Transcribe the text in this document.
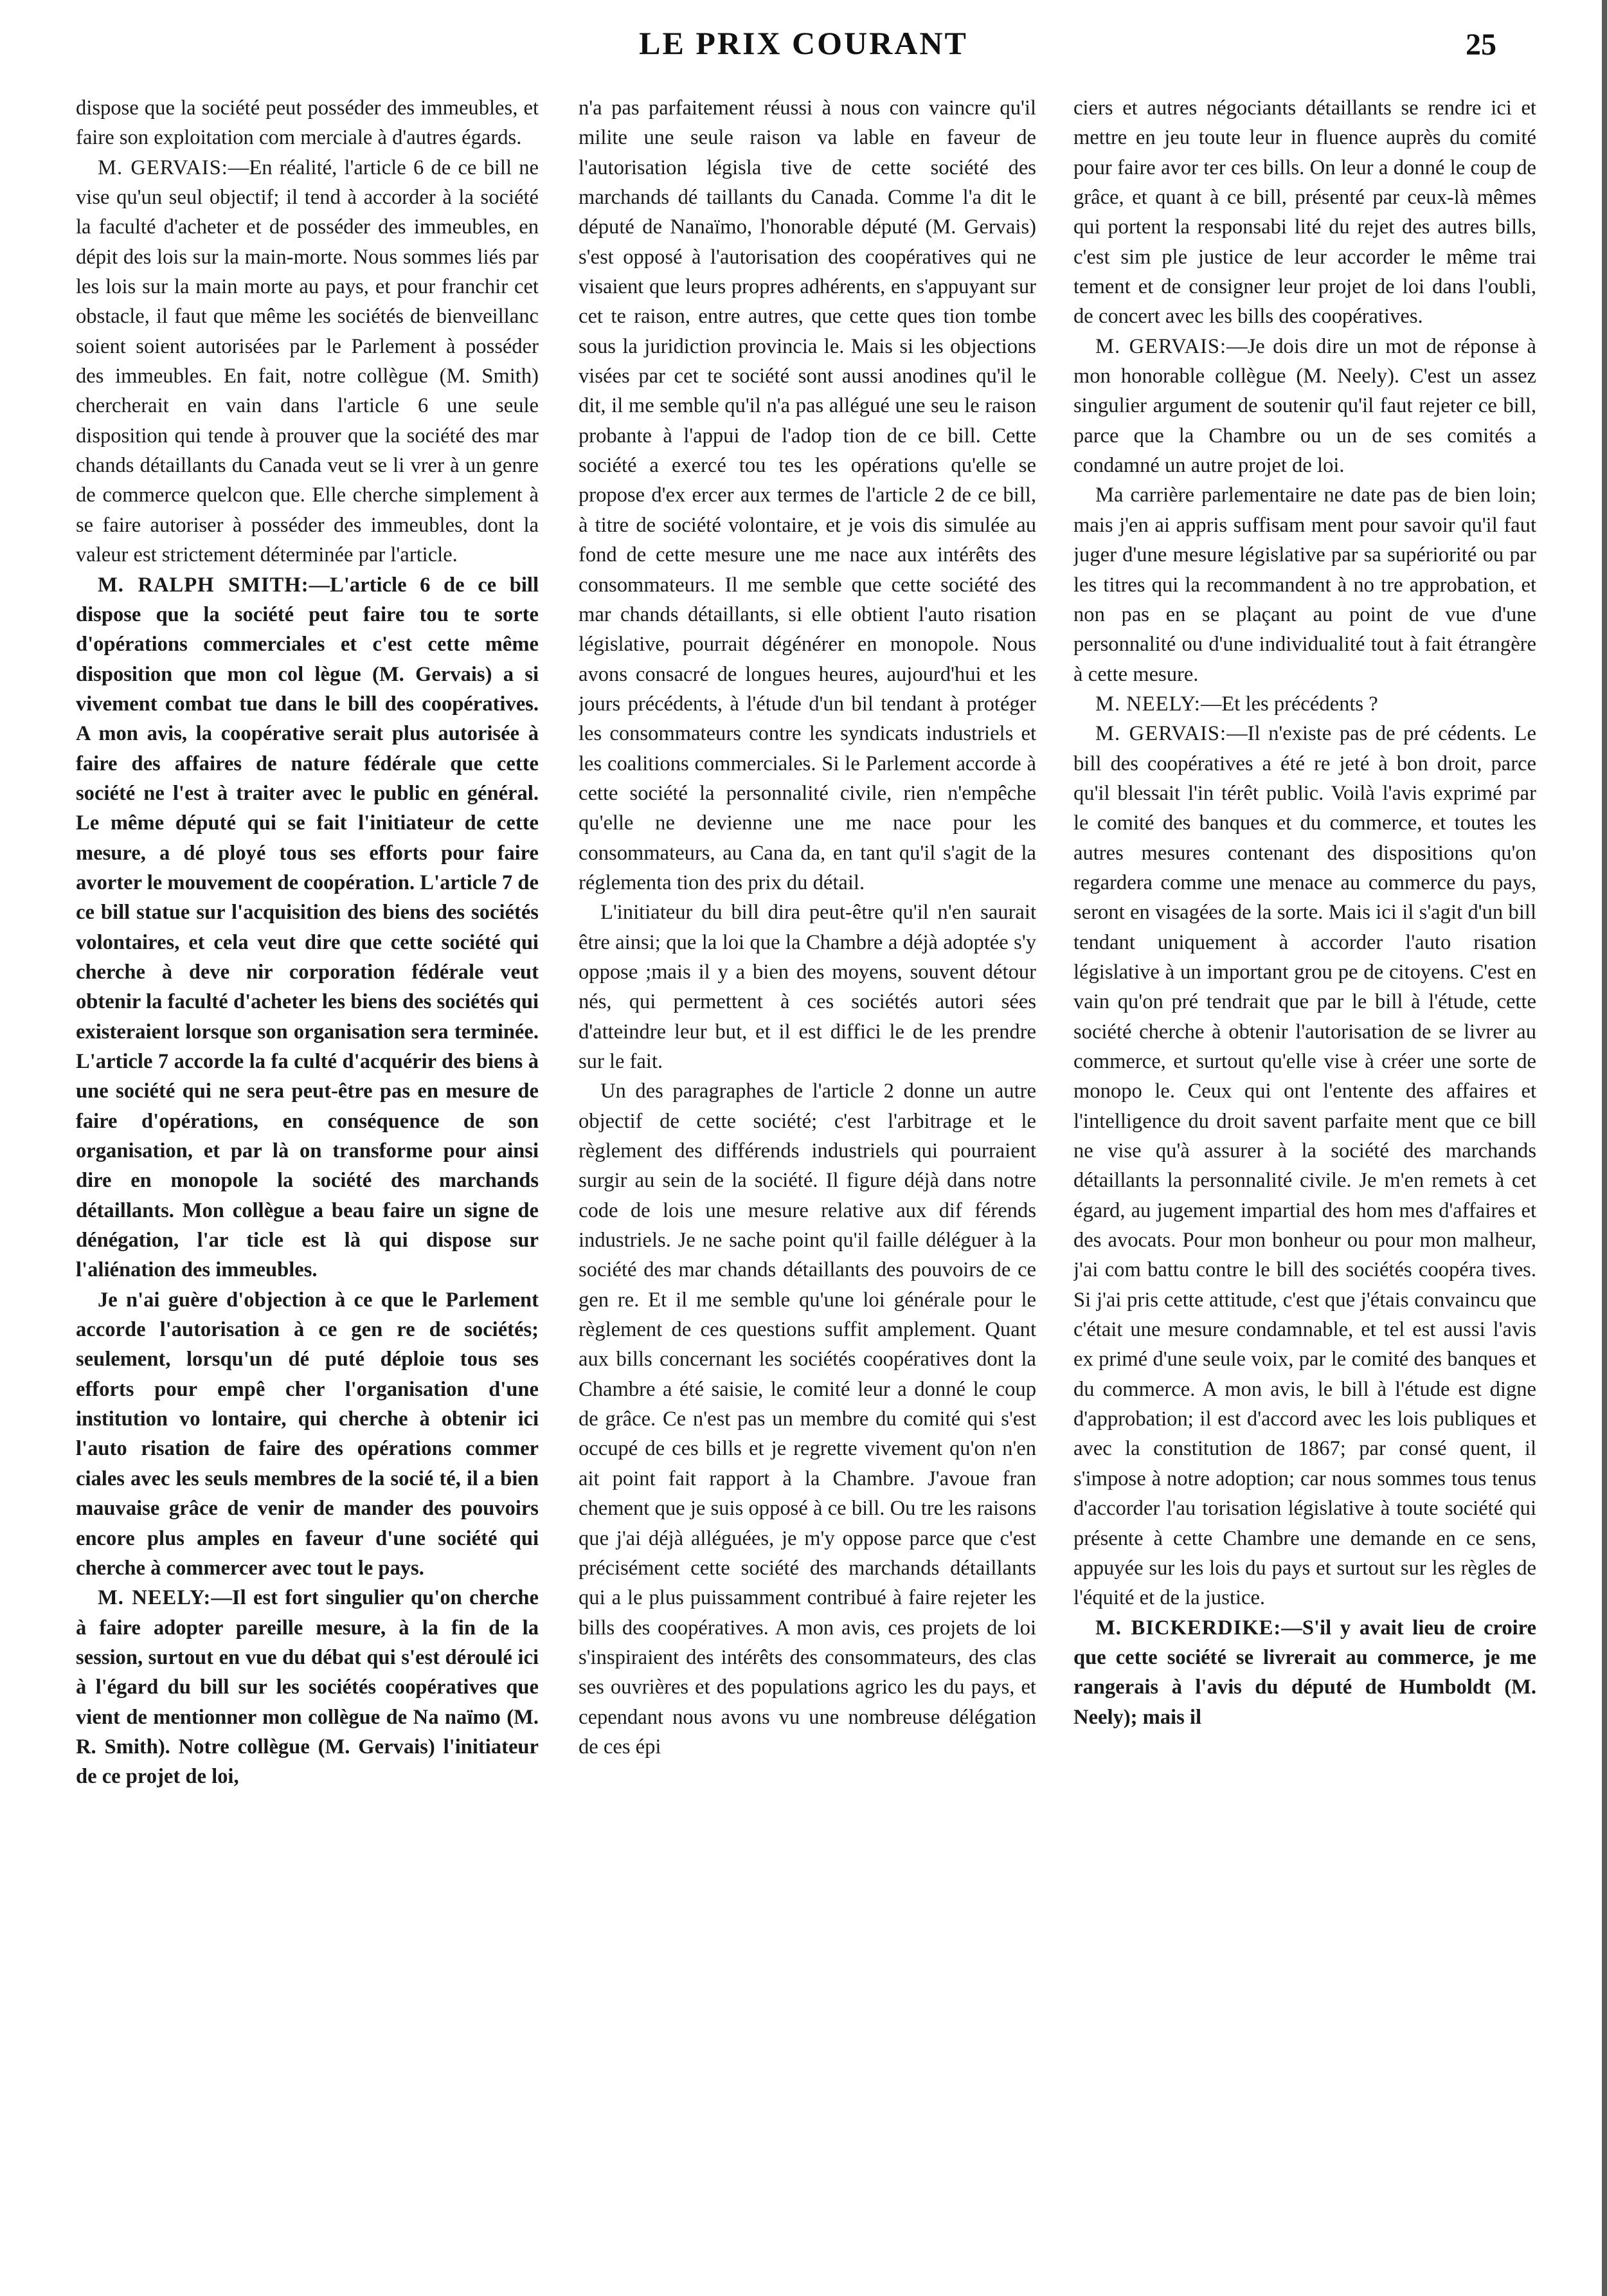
LE PRIX COURANT	25

dispose que la société peut posséder des immeubles, et faire son exploitation com merciale à d'autres égards.

M. GERVAIS:—En réalité, l'article 6 de ce bill ne vise qu'un seul objectif; il tend à accorder à la société la faculté d'acheter et de posséder des immeubles, en dépit des lois sur la main-morte. Nous sommes liés par les lois sur la main morte au pays, et pour franchir cet obstacle, il faut que même les sociétés de bienveillanc soient soient autorisées par le Parlement à posséder des immeubles. En fait, notre collègue (M. Smith) chercherait en vain dans l'article 6 une seule disposition qui tende à prouver que la société des mar chands détaillants du Canada veut se li vrer à un genre de commerce quelcon que. Elle cherche simplement à se faire autoriser à posséder des immeubles, dont la valeur est strictement déterminée par l'article.

M. RALPH SMITH:—L'article 6 de ce bill dispose que la société peut faire tou te sorte d'opérations commerciales et c'est cette même disposition que mon col lègue (M. Gervais) a si vivement combat tue dans le bill des coopératives. A mon avis, la coopérative serait plus autorisée à faire des affaires de nature fédérale que cette société ne l'est à traiter avec le public en général. Le même député qui se fait l'initiateur de cette mesure, a dé ployé tous ses efforts pour faire avorter le mouvement de coopération. L'article 7 de ce bill statue sur l'acquisition des biens des sociétés volontaires, et cela veut dire que cette société qui cherche à deve nir corporation fédérale veut obtenir la faculté d'acheter les biens des sociétés qui existeraient lorsque son organisation sera terminée. L'article 7 accorde la fa culté d'acquérir des biens à une société qui ne sera peut-être pas en mesure de faire d'opérations, en conséquence de son organisation, et par là on transforme pour ainsi dire en monopole la société des marchands détaillants. Mon collègue a beau faire un signe de dénégation, l'ar ticle est là qui dispose sur l'aliénation des immeubles.

Je n'ai guère d'objection à ce que le Parlement accorde l'autorisation à ce gen re de sociétés; seulement, lorsqu'un dé puté déploie tous ses efforts pour empê cher l'organisation d'une institution vo lontaire, qui cherche à obtenir ici l'auto risation de faire des opérations commer ciales avec les seuls membres de la socié té, il a bien mauvaise grâce de venir de mander des pouvoirs encore plus amples en faveur d'une société qui cherche à commercer avec tout le pays.

M. NEELY:—Il est fort singulier qu'on cherche à faire adopter pareille mesure, à la fin de la session, surtout en vue du débat qui s'est déroulé ici à l'égard du bill sur les sociétés coopératives que vient de mentionner mon collègue de Na naïmo (M. R. Smith). Notre collègue (M. Gervais) l'initiateur de ce projet de loi,

n'a pas parfaitement réussi à nous con vaincre qu'il milite une seule raison va lable en faveur de l'autorisation législa tive de cette société des marchands dé taillants du Canada. Comme l'a dit le député de Nanaïmo, l'honorable député (M. Gervais) s'est opposé à l'autorisation des coopératives qui ne visaient que leurs propres adhérents, en s'appuyant sur cet te raison, entre autres, que cette ques tion tombe sous la juridiction provincia le. Mais si les objections visées par cet te société sont aussi anodines qu'il le dit, il me semble qu'il n'a pas allégué une seu le raison probante à l'appui de l'adop tion de ce bill. Cette société a exercé tou tes les opérations qu'elle se propose d'ex ercer aux termes de l'article 2 de ce bill, à titre de société volontaire, et je vois dis simulée au fond de cette mesure une me nace aux intérêts des consommateurs. Il me semble que cette société des mar chands détaillants, si elle obtient l'auto risation législative, pourrait dégénérer en monopole. Nous avons consacré de longues heures, aujourd'hui et les jours précédents, à l'étude d'un bil tendant à protéger les consommateurs contre les syndicats industriels et les coalitions commerciales. Si le Parlement accorde à cette société la personnalité civile, rien n'empêche qu'elle ne devienne une me nace pour les consommateurs, au Cana da, en tant qu'il s'agit de la réglementa tion des prix du détail.

L'initiateur du bill dira peut-être qu'il n'en saurait être ainsi; que la loi que la Chambre a déjà adoptée s'y oppose ;mais il y a bien des moyens, souvent détour nés, qui permettent à ces sociétés autori sées d'atteindre leur but, et il est diffici le de les prendre sur le fait.

Un des paragraphes de l'article 2 donne un autre objectif de cette société; c'est l'arbitrage et le règlement des différends industriels qui pourraient surgir au sein de la société. Il figure déjà dans notre code de lois une mesure relative aux dif férends industriels. Je ne sache point qu'il faille déléguer à la société des mar chands détaillants des pouvoirs de ce gen re. Et il me semble qu'une loi générale pour le règlement de ces questions suffit amplement. Quant aux bills concernant les sociétés coopératives dont la Chambre a été saisie, le comité leur a donné le coup de grâce. Ce n'est pas un membre du comité qui s'est occupé de ces bills et je regrette vivement qu'on n'en ait point fait rapport à la Chambre. J'avoue fran chement que je suis opposé à ce bill. Ou tre les raisons que j'ai déjà alléguées, je m'y oppose parce que c'est précisément cette société des marchands détaillants qui a le plus puissamment contribué à faire rejeter les bills des coopératives. A mon avis, ces projets de loi s'inspiraient des intérêts des consommateurs, des clas ses ouvrières et des populations agrico les du pays, et cependant nous avons vu une nombreuse délégation de ces épi

ciers et autres négociants détaillants se rendre ici et mettre en jeu toute leur in fluence auprès du comité pour faire avor ter ces bills. On leur a donné le coup de grâce, et quant à ce bill, présenté par ceux-là mêmes qui portent la responsabi lité du rejet des autres bills, c'est sim ple justice de leur accorder le même trai tement et de consigner leur projet de loi dans l'oubli, de concert avec les bills des coopératives.

M. GERVAIS:—Je dois dire un mot de réponse à mon honorable collègue (M. Neely). C'est un assez singulier argument de soutenir qu'il faut rejeter ce bill, parce que la Chambre ou un de ses comités a condamné un autre projet de loi.

Ma carrière parlementaire ne date pas de bien loin; mais j'en ai appris suffisam ment pour savoir qu'il faut juger d'une mesure législative par sa supériorité ou par les titres qui la recommandent à no tre approbation, et non pas en se plaçant au point de vue d'une personnalité ou d'une individualité tout à fait étrangère à cette mesure.

M. NEELY:—Et les précédents ?

M. GERVAIS:—Il n'existe pas de pré cédents. Le bill des coopératives a été re jeté à bon droit, parce qu'il blessait l'in térêt public. Voilà l'avis exprimé par le comité des banques et du commerce, et toutes les autres mesures contenant des dispositions qu'on regardera comme une menace au commerce du pays, seront en visagées de la sorte. Mais ici il s'agit d'un bill tendant uniquement à accorder l'auto risation législative à un important grou pe de citoyens. C'est en vain qu'on pré tendrait que par le bill à l'étude, cette société cherche à obtenir l'autorisation de se livrer au commerce, et surtout qu'elle vise à créer une sorte de monopo le. Ceux qui ont l'entente des affaires et l'intelligence du droit savent parfaite ment que ce bill ne vise qu'à assurer à la société des marchands détaillants la personnalité civile. Je m'en remets à cet égard, au jugement impartial des hom mes d'affaires et des avocats. Pour mon bonheur ou pour mon malheur, j'ai com battu contre le bill des sociétés coopéra tives. Si j'ai pris cette attitude, c'est que j'étais convaincu que c'était une mesure condamnable, et tel est aussi l'avis ex primé d'une seule voix, par le comité des banques et du commerce. A mon avis, le bill à l'étude est digne d'approbation; il est d'accord avec les lois publiques et avec la constitution de 1867; par consé quent, il s'impose à notre adoption; car nous sommes tous tenus d'accorder l'au torisation législative à toute société qui présente à cette Chambre une demande en ce sens, appuyée sur les lois du pays et surtout sur les règles de l'équité et de la justice.

M. BICKERDIKE:—S'il y avait lieu de croire que cette société se livrerait au commerce, je me rangerais à l'avis du député de Humboldt (M. Neely); mais il
